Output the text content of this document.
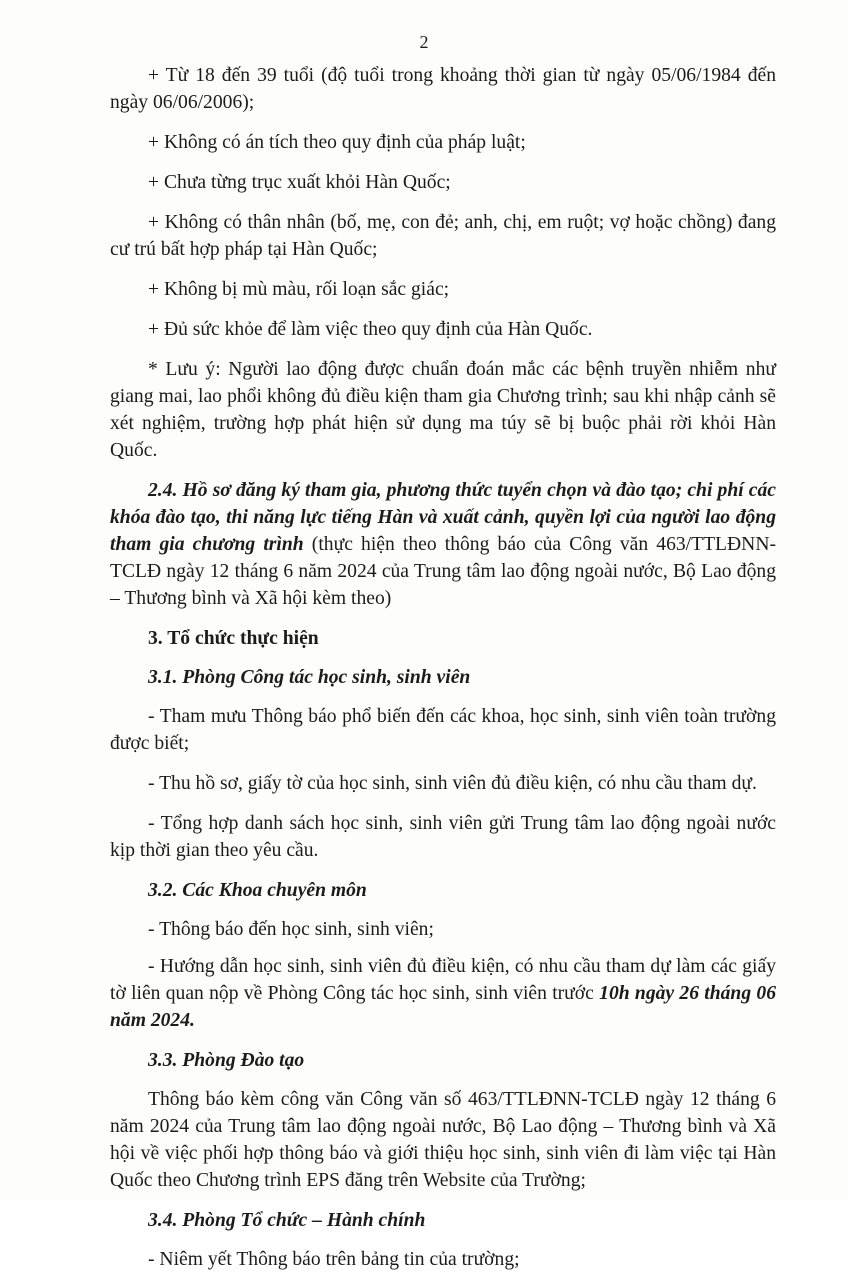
2

+ Từ 18 đến 39 tuổi (độ tuổi trong khoảng thời gian từ ngày 05/06/1984 đến ngày 06/06/2006);

+ Không có án tích theo quy định của pháp luật;

+ Chưa từng trục xuất khỏi Hàn Quốc;

+ Không có thân nhân (bố, mẹ, con đẻ; anh, chị, em ruột; vợ hoặc chồng) đang cư trú bất hợp pháp tại Hàn Quốc;

+ Không bị mù màu, rối loạn sắc giác;

+ Đủ sức khỏe để làm việc theo quy định của Hàn Quốc.

* Lưu ý: Người lao động được chuẩn đoán mắc các bệnh truyền nhiễm như giang mai, lao phổi không đủ điều kiện tham gia Chương trình; sau khi nhập cảnh sẽ xét nghiệm, trường hợp phát hiện sử dụng ma túy sẽ bị buộc phải rời khỏi Hàn Quốc.

2.4. Hồ sơ đăng ký tham gia, phương thức tuyển chọn và đào tạo; chi phí các khóa đào tạo, thi năng lực tiếng Hàn và xuất cảnh, quyền lợi của người lao động tham gia chương trình (thực hiện theo thông báo của Công văn 463/TTLĐNN-TCLĐ ngày 12 tháng 6 năm 2024 của Trung tâm lao động ngoài nước, Bộ Lao động – Thương bình và Xã hội kèm theo)

3. Tổ chức thực hiện

3.1. Phòng Công tác học sinh, sinh viên

- Tham mưu Thông báo phổ biến đến các khoa, học sinh, sinh viên toàn trường được biết;

- Thu hồ sơ, giấy tờ của học sinh, sinh viên đủ điều kiện, có nhu cầu tham dự.

- Tổng hợp danh sách học sinh, sinh viên gửi Trung tâm lao động ngoài nước kịp thời gian theo yêu cầu.

3.2. Các Khoa chuyên môn

- Thông báo đến học sinh, sinh viên;

- Hướng dẫn học sinh, sinh viên đủ điều kiện, có nhu cầu tham dự làm các giấy tờ liên quan nộp về Phòng Công tác học sinh, sinh viên trước 10h ngày 26 tháng 06 năm 2024.

3.3. Phòng Đào tạo

Thông báo kèm công văn Công văn số 463/TTLĐNN-TCLĐ ngày 12 tháng 6 năm 2024 của Trung tâm lao động ngoài nước, Bộ Lao động – Thương bình và Xã hội về việc phối hợp thông báo và giới thiệu học sinh, sinh viên đi làm việc tại Hàn Quốc theo Chương trình EPS đăng trên Website của Trường;

3.4. Phòng Tổ chức – Hành chính

- Niêm yết Thông báo trên bảng tin của trường;
